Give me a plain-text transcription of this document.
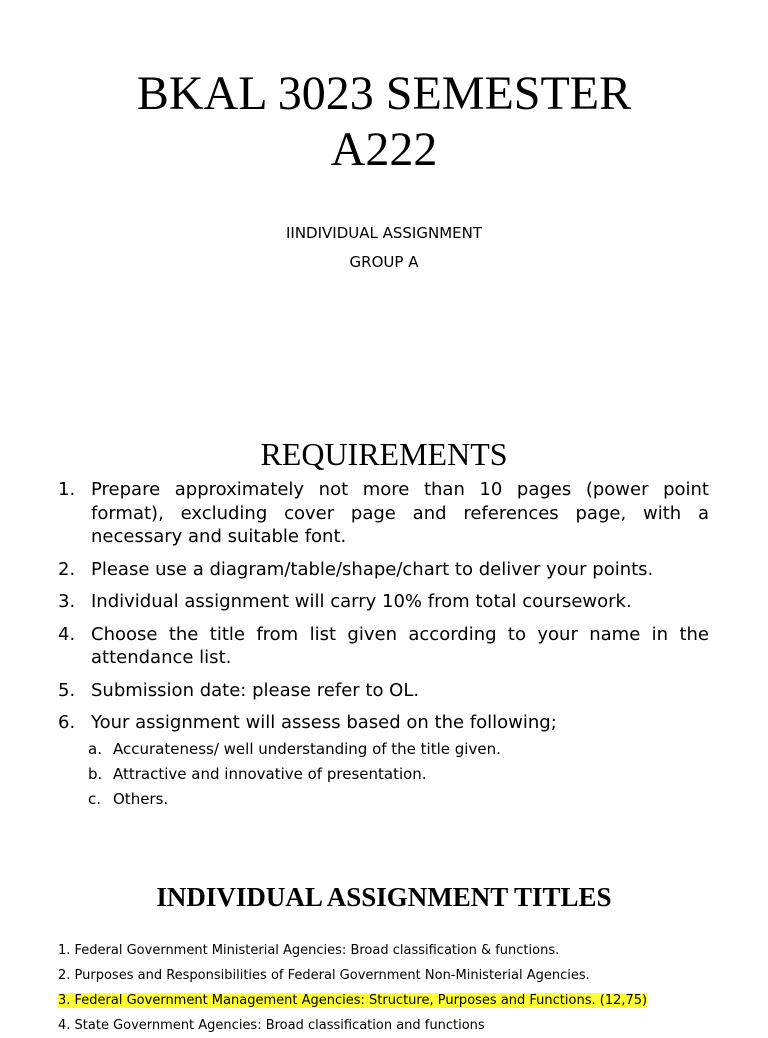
BKAL 3023 SEMESTER
A222

IINDIVIDUAL ASSIGNMENT

GROUP A

REQUIREMENTS
1. Prepare approximately not more than 10 pages (power point format), excluding cover page and references page, with a necessary and suitable font.
2. Please use a diagram/table/shape/chart to deliver your points.
3. Individual assignment will carry 10% from total coursework.
4. Choose the title from list given according to your name in the attendance list.
5. Submission date: please refer to OL.
6. Your assignment will assess based on the following;
a. Accurateness/ well understanding of the title given.
b. Attractive and innovative of presentation.
c. Others.
INDIVIDUAL ASSIGNMENT TITLES
1. Federal Government Ministerial Agencies: Broad classification & functions.
2. Purposes and Responsibilities of Federal Government Non-Ministerial Agencies.
3. Federal Government Management Agencies: Structure, Purposes and Functions. (12,75)
4. State Government Agencies: Broad classification and functions
